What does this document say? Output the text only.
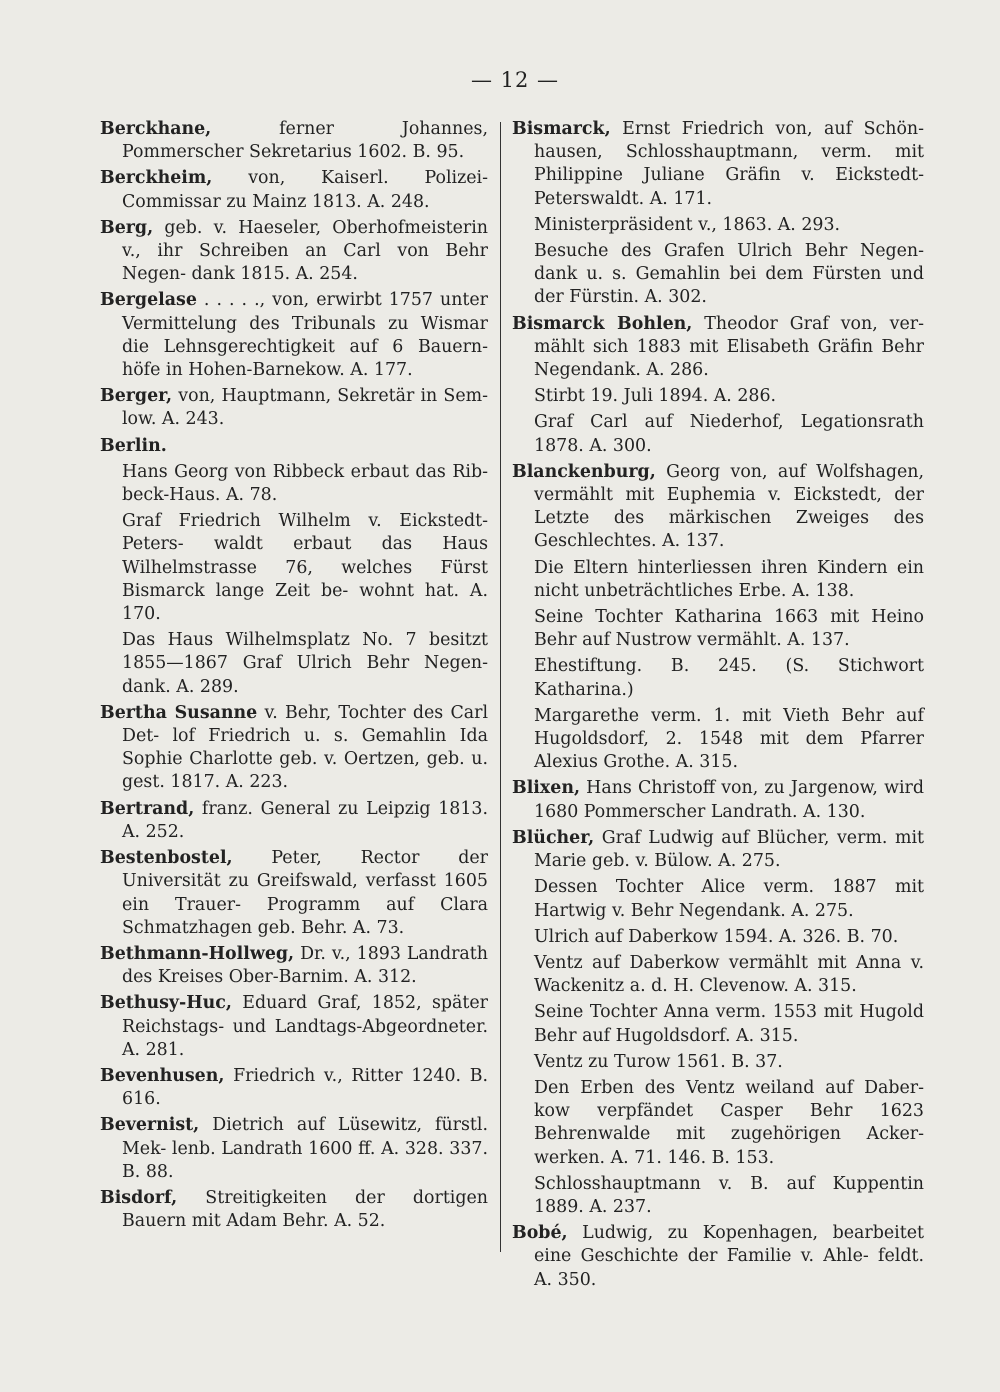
— 12 —
Berckhane, ferner	Johannes, Pommerscher Sekretarius 1602. B. 95.
Berckheim, von, Kaiserl. Polizei-Commissar zu Mainz 1813. A. 248.
Berg, geb. v. Haeseler, Oberhofmeisterin v., ihr Schreiben an Carl von Behr Negen- dank 1815. A. 254.
Bergelase . . . . ., von, erwirbt 1757 unter Vermittelung des Tribunals zu Wismar die Lehnsgerechtigkeit auf 6 Bauern- höfe in Hohen-Barnekow. A. 177.
Berger, von, Hauptmann, Sekretär in Sem- low. A. 243.
Berlin.
Hans Georg von Ribbeck erbaut das Rib- beck-Haus. A. 78.
Graf Friedrich Wilhelm v. Eickstedt-Peters- waldt erbaut das Haus Wilhelmstrasse 76, welches Fürst Bismarck lange Zeit be- wohnt hat. A. 170.
Das Haus Wilhelmsplatz No. 7 besitzt 1855—1867 Graf Ulrich Behr Negen- dank. A. 289.
Bertha Susanne v. Behr, Tochter des Carl Det- lof Friedrich u. s. Gemahlin Ida Sophie Charlotte geb. v. Oertzen, geb. u. gest. 1817. A. 223.
Bertrand, franz. General zu Leipzig 1813. A. 252.
Bestenbostel, Peter, Rector der Universität zu Greifswald, verfasst 1605 ein Trauer- Programm auf Clara Schmatzhagen geb. Behr. A. 73.
Bethmann-Hollweg, Dr. v., 1893 Landrath des Kreises Ober-Barnim. A. 312.
Bethusy-Huc, Eduard Graf, 1852, später Reichstags- und Landtags-Abgeordneter. A. 281.
Bevenhusen, Friedrich v., Ritter 1240. B. 616.
Bevernist, Dietrich auf Lüsewitz, fürstl. Mek- lenb. Landrath 1600 ff. A. 328. 337. B. 88.
Bisdorf, Streitigkeiten der dortigen Bauern mit Adam Behr. A. 52.
Bismarck, Ernst Friedrich von, auf Schön- hausen, Schlosshauptmann, verm. mit Philippine Juliane Gräfin v. Eickstedt- Peterswaldt. A. 171.
Ministerpräsident v., 1863. A. 293.
Besuche des Grafen Ulrich Behr Negen- dank u. s. Gemahlin bei dem Fürsten und der Fürstin. A. 302.
Bismarck Bohlen, Theodor Graf von, ver- mählt sich 1883 mit Elisabeth Gräfin Behr Negendank. A. 286.
Stirbt 19. Juli 1894. A. 286.
Graf Carl auf Niederhof, Legationsrath 1878. A. 300.
Blanckenburg, Georg von, auf Wolfshagen, vermählt mit Euphemia v. Eickstedt, der Letzte des märkischen Zweiges des Geschlechtes. A. 137.
Die Eltern hinterliessen ihren Kindern ein nicht unbeträchtliches Erbe. A. 138.
Seine Tochter Katharina 1663 mit Heino Behr auf Nustrow vermählt. A. 137.
Ehestiftung. B. 245. (S. Stichwort Katharina.)
Margarethe verm. 1. mit Vieth Behr auf Hugoldsdorf, 2. 1548 mit dem Pfarrer Alexius Grothe. A. 315.
Blixen, Hans Christoff von, zu Jargenow, wird 1680 Pommerscher Landrath. A. 130.
Blücher, Graf Ludwig auf Blücher, verm. mit Marie geb. v. Bülow. A. 275.
Dessen Tochter Alice verm. 1887 mit Hartwig v. Behr Negendank. A. 275.
Ulrich auf Daberkow 1594. A. 326. B. 70.
Ventz auf Daberkow vermählt mit Anna v. Wackenitz a. d. H. Clevenow. A. 315.
Seine Tochter Anna verm. 1553 mit Hugold Behr auf Hugoldsdorf. A. 315.
Ventz zu Turow 1561. B. 37.
Den Erben des Ventz weiland auf Daber- kow verpfändet Casper Behr 1623 Behrenwalde mit zugehörigen Acker- werken. A. 71. 146. B. 153.
Schlosshauptmann v. B. auf Kuppentin 1889. A. 237.
Bobé, Ludwig, zu Kopenhagen, bearbeitet eine Geschichte der Familie v. Ahle- feldt. A. 350.
